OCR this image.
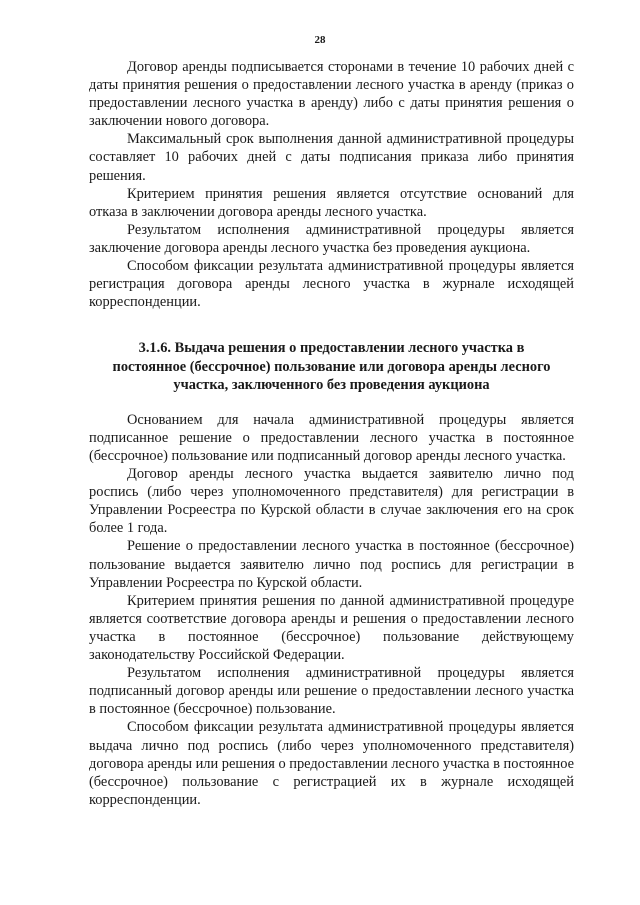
28

Договор аренды подписывается сторонами в течение 10 рабочих дней с даты принятия решения о предоставлении лесного участка в аренду (приказ о предоставлении лесного участка в аренду) либо с даты принятия решения о заключении нового договора.

Максимальный срок выполнения данной административной процедуры составляет 10 рабочих дней с даты подписания приказа либо принятия решения.

Критерием принятия решения является отсутствие оснований для отказа в заключении договора аренды лесного участка.

Результатом исполнения административной процедуры является заключение договора аренды лесного участка без проведения аукциона.

Способом фиксации результата административной процедуры является регистрация договора аренды лесного участка в журнале исходящей корреспонденции.

3.1.6. Выдача решения о предоставлении лесного участка в
постоянное (бессрочное) пользование или договора аренды лесного
участка, заключенного без проведения аукциона

Основанием для начала административной процедуры является подписанное решение о предоставлении лесного участка в постоянное (бессрочное) пользование или подписанный договор аренды лесного участка.

Договор аренды лесного участка выдается заявителю лично под роспись (либо через уполномоченного представителя) для регистрации в Управлении Росреестра по Курской области в случае заключения его на срок более 1 года.

Решение о предоставлении лесного участка в постоянное (бессрочное) пользование выдается заявителю лично под роспись для регистрации в Управлении Росреестра по Курской области.

Критерием принятия решения по данной административной процедуре является соответствие договора аренды и решения о предоставлении лесного участка в постоянное (бессрочное) пользование действующему законодательству Российской Федерации.

Результатом исполнения административной процедуры является подписанный договор аренды или решение о предоставлении лесного участка в постоянное (бессрочное) пользование.

Способом фиксации результата административной процедуры является выдача лично под роспись (либо через уполномоченного представителя) договора аренды или решения о предоставлении лесного участка в постоянное (бессрочное) пользование с регистрацией их в журнале исходящей корреспонденции.
